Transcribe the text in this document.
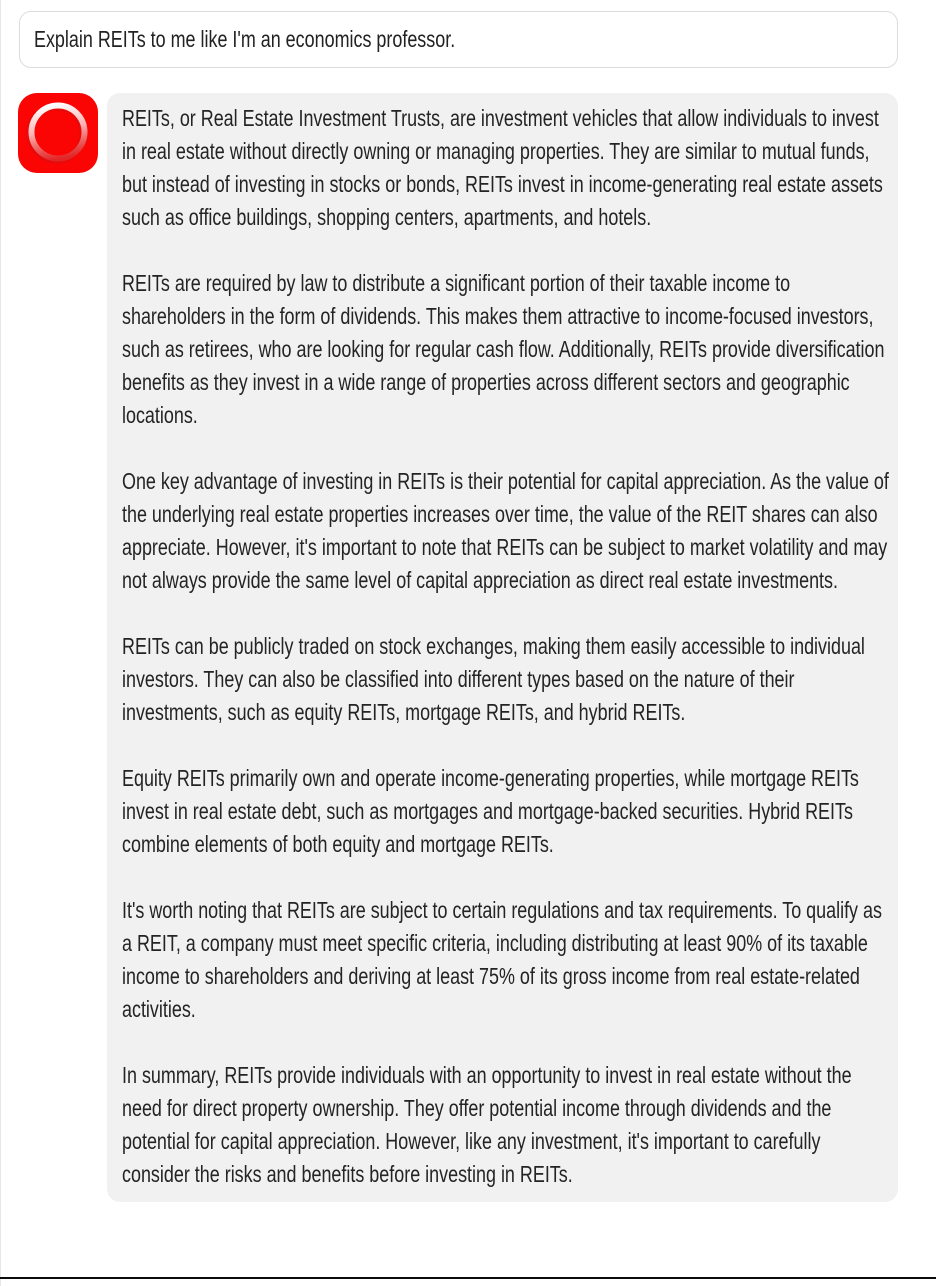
Explain REITs to me like I'm an economics professor.

REITs, or Real Estate Investment Trusts, are investment vehicles that allow individuals to invest in real estate without directly owning or managing properties. They are similar to mutual funds, but instead of investing in stocks or bonds, REITs invest in income-generating real estate assets such as office buildings, shopping centers, apartments, and hotels.

REITs are required by law to distribute a significant portion of their taxable income to shareholders in the form of dividends. This makes them attractive to income-focused investors, such as retirees, who are looking for regular cash flow. Additionally, REITs provide diversification benefits as they invest in a wide range of properties across different sectors and geographic locations.

One key advantage of investing in REITs is their potential for capital appreciation. As the value of the underlying real estate properties increases over time, the value of the REIT shares can also appreciate. However, it's important to note that REITs can be subject to market volatility and may not always provide the same level of capital appreciation as direct real estate investments.

REITs can be publicly traded on stock exchanges, making them easily accessible to individual investors. They can also be classified into different types based on the nature of their investments, such as equity REITs, mortgage REITs, and hybrid REITs.

Equity REITs primarily own and operate income-generating properties, while mortgage REITs invest in real estate debt, such as mortgages and mortgage-backed securities. Hybrid REITs combine elements of both equity and mortgage REITs.

It's worth noting that REITs are subject to certain regulations and tax requirements. To qualify as a REIT, a company must meet specific criteria, including distributing at least 90% of its taxable income to shareholders and deriving at least 75% of its gross income from real estate-related activities.

In summary, REITs provide individuals with an opportunity to invest in real estate without the need for direct property ownership. They offer potential income through dividends and the potential for capital appreciation. However, like any investment, it's important to carefully consider the risks and benefits before investing in REITs.
